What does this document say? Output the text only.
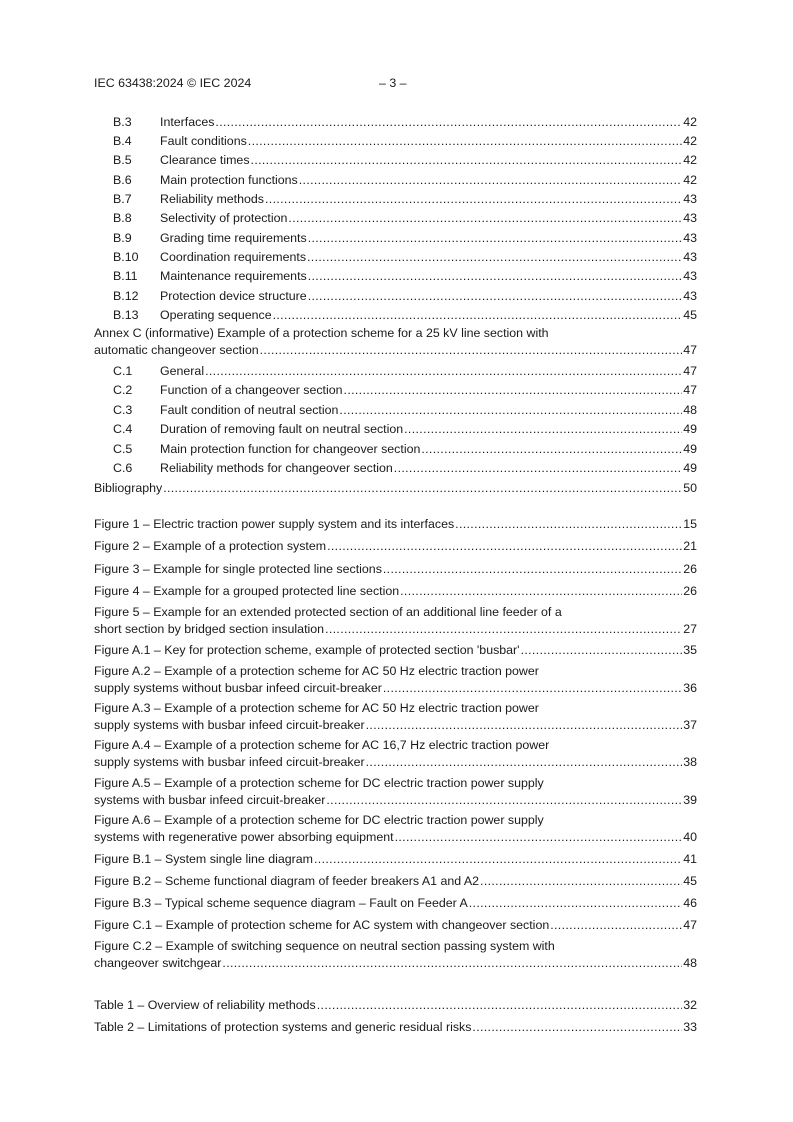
IEC 63438:2024 © IEC 2024	– 3 –
B.3	Interfaces . . .	42
B.4	Fault conditions . . .	42
B.5	Clearance times . . .	42
B.6	Main protection functions . . .	42
B.7	Reliability methods . . .	43
B.8	Selectivity of protection . . .	43
B.9	Grading time requirements . . .	43
B.10	Coordination requirements . . .	43
B.11	Maintenance requirements . . .	43
B.12	Protection device structure . . .	43
B.13	Operating sequence . . .	45
Annex C (informative) Example of a protection scheme for a 25 kV line section with
automatic changeover section . . .	47
C.1	General . . .	47
C.2	Function of a changeover section . . .	47
C.3	Fault condition of neutral section . . .	48
C.4	Duration of removing fault on neutral section . . .	49
C.5	Main protection function for changeover section . . .	49
C.6	Reliability methods for changeover section . . .	49
Bibliography . . .	50
Figure 1 – Electric traction power supply system and its interfaces . . .	15
Figure 2 – Example of a protection system . . .	21
Figure 3 – Example for single protected line sections . . .	26
Figure 4 – Example for a grouped protected line section . . .	26
Figure 5 – Example for an extended protected section of an additional line feeder of a
short section by bridged section insulation . . .	27
Figure A.1 – Key for protection scheme, example of protected section 'busbar' . . .	35
Figure A.2 – Example of a protection scheme for AC 50 Hz electric traction power
supply systems without busbar infeed circuit-breaker . . .	36
Figure A.3 – Example of a protection scheme for AC 50 Hz electric traction power
supply systems with busbar infeed circuit-breaker . . .	37
Figure A.4 – Example of a protection scheme for AC 16,7 Hz electric traction power
supply systems with busbar infeed circuit-breaker . . .	38
Figure A.5 – Example of a protection scheme for DC electric traction power supply
systems with busbar infeed circuit-breaker . . .	39
Figure A.6 – Example of a protection scheme for DC electric traction power supply
systems with regenerative power absorbing equipment . . .	40
Figure B.1 – System single line diagram . . .	41
Figure B.2 – Scheme functional diagram of feeder breakers A1 and A2 . . .	45
Figure B.3 – Typical scheme sequence diagram – Fault on Feeder A . . .	46
Figure C.1 – Example of protection scheme for AC system with changeover section . . .	47
Figure C.2 – Example of switching sequence on neutral section passing system with
changeover switchgear . . .	48
Table 1 – Overview of reliability methods . . .	32
Table 2 – Limitations of protection systems and generic residual risks . . .	33
